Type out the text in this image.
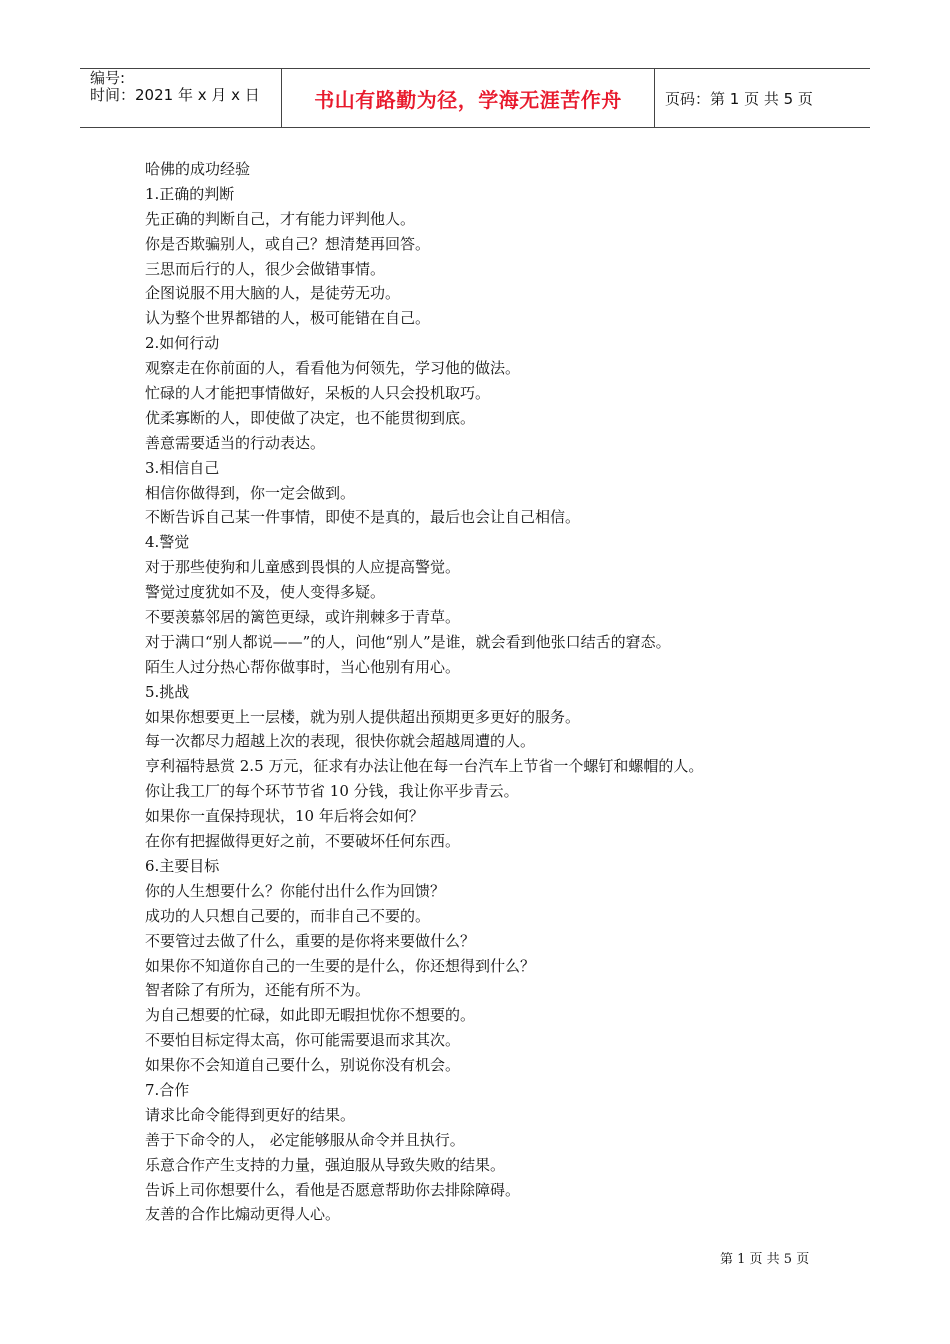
编号:
时间：2021 年 x 月 x 日	书山有路勤为径，学海无涯苦作舟	页码：第 1 页 共 5 页
哈佛的成功经验
1.正确的判断
先正确的判断自己，才有能力评判他人。
你是否欺骗别人，或自己？想清楚再回答。
三思而后行的人，很少会做错事情。
企图说服不用大脑的人，是徒劳无功。
认为整个世界都错的人，极可能错在自己。
2.如何行动
观察走在你前面的人，看看他为何领先，学习他的做法。
忙碌的人才能把事情做好，呆板的人只会投机取巧。
优柔寡断的人，即使做了决定，也不能贯彻到底。
善意需要适当的行动表达。
3.相信自己
相信你做得到，你一定会做到。
不断告诉自己某一件事情，即使不是真的，最后也会让自己相信。
4.警觉
对于那些使狗和儿童感到畏惧的人应提高警觉。
警觉过度犹如不及，使人变得多疑。
不要羡慕邻居的篱笆更绿，或许荆棘多于青草。
对于满口“别人都说——”的人，问他“别人”是谁，就会看到他张口结舌的窘态。
陌生人过分热心帮你做事时，当心他别有用心。
5.挑战
如果你想要更上一层楼，就为别人提供超出预期更多更好的服务。
每一次都尽力超越上次的表现，很快你就会超越周遭的人。
亨利福特悬赏 2.5 万元，征求有办法让他在每一台汽车上节省一个螺钉和螺帽的人。
你让我工厂的每个环节节省 10 分钱，我让你平步青云。
如果你一直保持现状，10 年后将会如何？
在你有把握做得更好之前，不要破坏任何东西。
6.主要目标
你的人生想要什么？你能付出什么作为回馈？
成功的人只想自己要的，而非自己不要的。
不要管过去做了什么，重要的是你将来要做什么？
如果你不知道你自己的一生要的是什么，你还想得到什么？
智者除了有所为，还能有所不为。
为自己想要的忙碌，如此即无暇担忧你不想要的。
不要怕目标定得太高，你可能需要退而求其次。
如果你不会知道自己要什么，别说你没有机会。
7.合作
请求比命令能得到更好的结果。
善于下命令的人， 必定能够服从命令并且执行。
乐意合作产生支持的力量，强迫服从导致失败的结果。
告诉上司你想要什么，看他是否愿意帮助你去排除障碍。
友善的合作比煽动更得人心。
第 1 页 共 5 页
